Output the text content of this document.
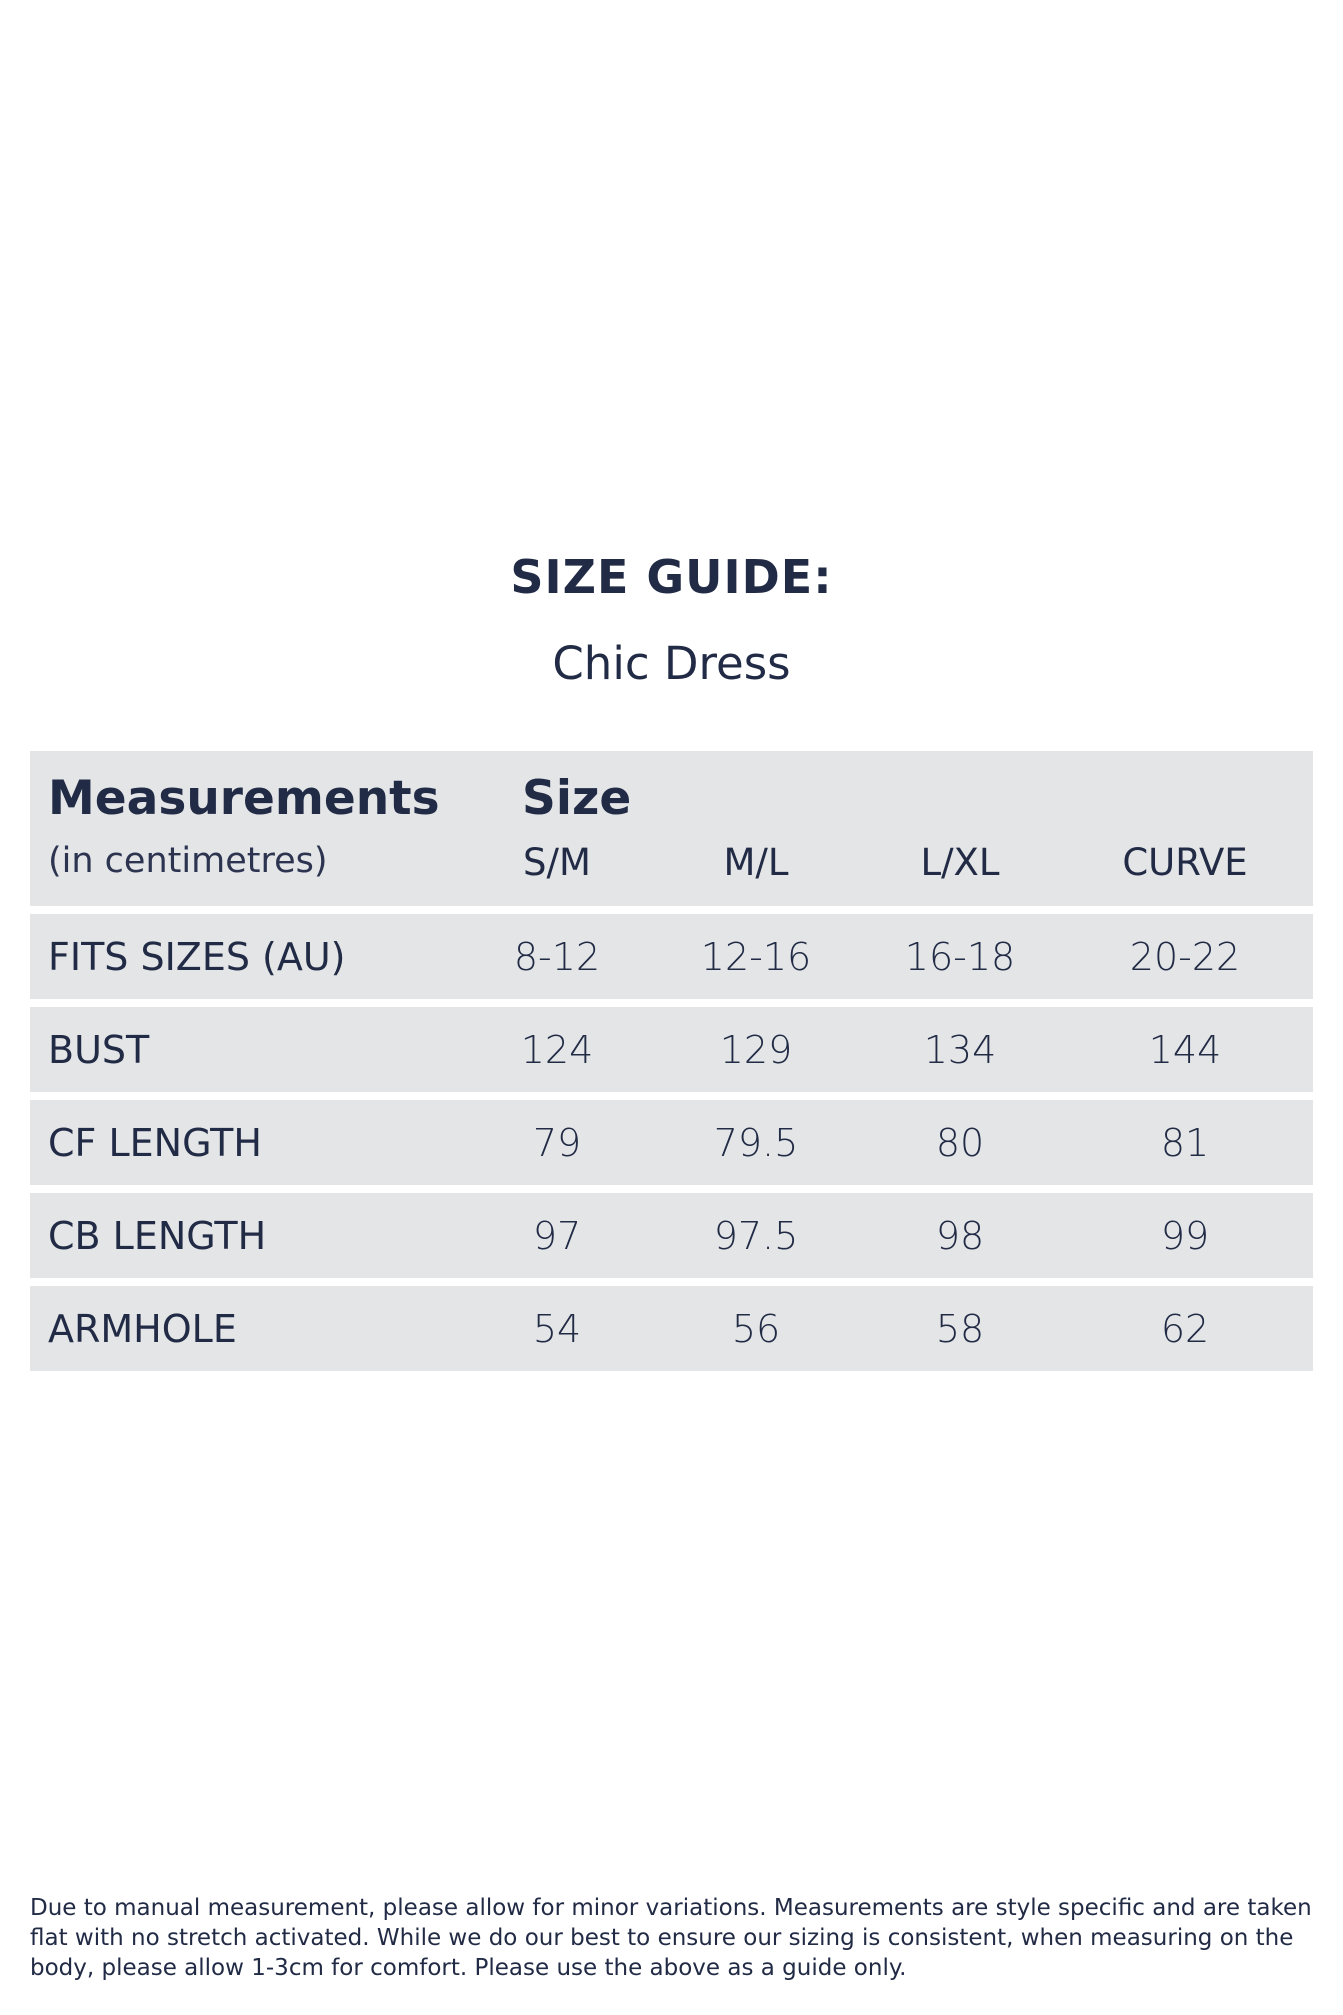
SIZE GUIDE:
Chic Dress
Measurements
(in centimetres)
Size
S/M	M/L	L/XL	CURVE
FITS SIZES (AU)	8-12	12-16	16-18	20-22
BUST	124	129	134	144
CF LENGTH	79	79.5	80	81
CB LENGTH	97	97.5	98	99
ARMHOLE	54	56	58	62
Due to manual measurement, please allow for minor variations. Measurements are style specific and are taken flat with no stretch activated. While we do our best to ensure our sizing is consistent, when measuring on the body, please allow 1-3cm for comfort. Please use the above as a guide only.
